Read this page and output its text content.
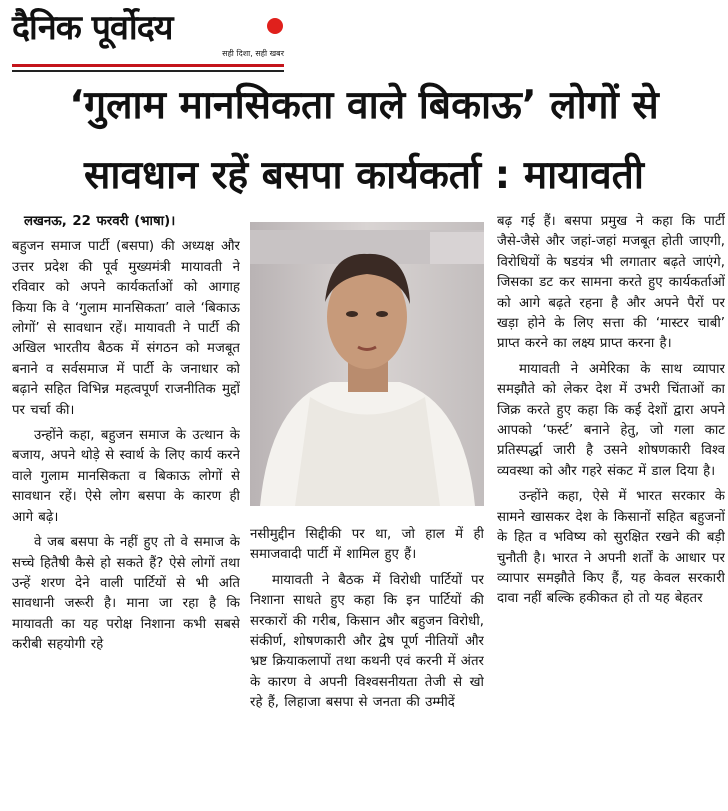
दैनिक पूर्वोदय
सही दिशा, सही खबर
‘गुलाम मानसिकता वाले बिकाऊ’ लोगों से
सावधान रहें बसपा कार्यकर्ता : मायावती

लखनऊ, 22 फरवरी (भाषा)।

बहुजन समाज पार्टी (बसपा) की अध्यक्ष और उत्तर प्रदेश की पूर्व मुख्यमंत्री मायावती ने रविवार को अपने कार्यकर्ताओं को आगाह किया कि वे ‘गुलाम मानसिकता’ वाले ‘बिकाऊ लोगों’ से सावधान रहें। मायावती ने पार्टी की अखिल भारतीय बैठक में संगठन को मजबूत बनाने व सर्वसमाज में पार्टी के जनाधार को बढ़ाने सहित विभिन्न महत्वपूर्ण राजनीतिक मुद्दों पर चर्चा की।

उन्होंने कहा, बहुजन समाज के उत्थान के बजाय, अपने थोड़े से स्वार्थ के लिए कार्य करने वाले गुलाम मानसिकता व बिकाऊ लोगों से सावधान रहें। ऐसे लोग बसपा के कारण ही आगे बढ़े।

वे जब बसपा के नहीं हुए तो वे समाज के सच्चे हितैषी कैसे हो सकते हैं? ऐसे लोगों तथा उन्हें शरण देने वाली पार्टियों से भी अति सावधानी जरूरी है। माना जा रहा है कि मायावती का यह परोक्ष निशाना कभी सबसे करीबी सहयोगी रहे

नसीमुद्दीन सिद्दीकी पर था, जो हाल में ही समाजवादी पार्टी में शामिल हुए हैं।

मायावती ने बैठक में विरोधी पार्टियों पर निशाना साधते हुए कहा कि इन पार्टियों की सरकारों की गरीब, किसान और बहुजन विरोधी, संकीर्ण, शोषणकारी और द्वेष पूर्ण नीतियों और भ्रष्ट क्रियाकलापों तथा कथनी एवं करनी में अंतर के कारण वे अपनी विश्वसनीयता तेजी से खो रहे हैं, लिहाजा बसपा से जनता की उम्मीदें

बढ़ गई हैं। बसपा प्रमुख ने कहा कि पार्टी जैसे-जैसे और जहां-जहां मजबूत होती जाएगी, विरोधियों के षडयंत्र भी लगातार बढ़ते जाएंगे, जिसका डट कर सामना करते हुए कार्यकर्ताओं को आगे बढ़ते रहना है और अपने पैरों पर खड़ा होने के लिए सत्ता की ‘मास्टर चाबी’ प्राप्त करने का लक्ष्य प्राप्त करना है।

मायावती ने अमेरिका के साथ व्यापार समझौते को लेकर देश में उभरी चिंताओं का जिक्र करते हुए कहा कि कई देशों द्वारा अपने आपको ‘फर्स्ट’ बनाने हेतु, जो गला काट प्रतिस्पर्द्धा जारी है उसने शोषणकारी विश्व व्यवस्था को और गहरे संकट में डाल दिया है।

उन्होंने कहा, ऐसे में भारत सरकार के सामने खासकर देश के किसानों सहित बहुजनों के हित व भविष्य को सुरक्षित रखने की बड़ी चुनौती है। भारत ने अपनी शर्तों के आधार पर व्यापार समझौते किए हैं, यह केवल सरकारी दावा नहीं बल्कि हकीकत हो तो यह बेहतर
